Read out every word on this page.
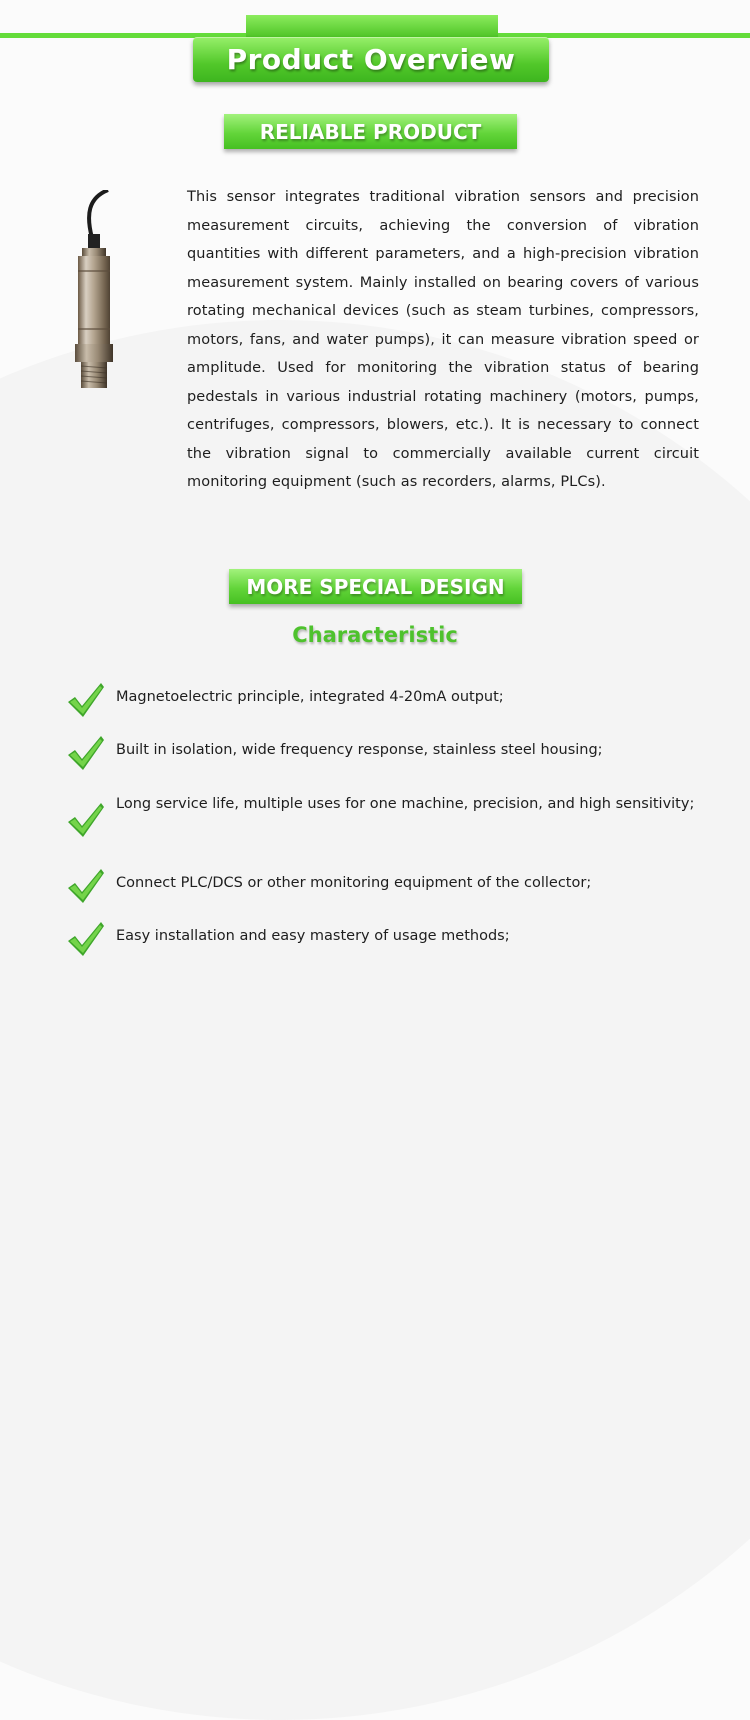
Product Overview
RELIABLE PRODUCT

This sensor integrates traditional vibration sensors and precision measurement circuits, achieving the conversion of vibration quantities with different parameters, and a high-precision vibration measurement system. Mainly installed on bearing covers of various rotating mechanical devices (such as steam turbines, compressors, motors, fans, and water pumps), it can measure vibration speed or amplitude. Used for monitoring the vibration status of bearing pedestals in various industrial rotating machinery (motors, pumps, centrifuges, compressors, blowers, etc.). It is necessary to connect the vibration signal to commercially available current circuit monitoring equipment (such as recorders, alarms, PLCs).

MORE SPECIAL DESIGN
Characteristic
Magnetoelectric principle, integrated 4-20mA output;
Built in isolation, wide frequency response, stainless steel housing;
Long service life, multiple uses for one machine, precision, and high sensitivity;
Connect PLC/DCS or other monitoring equipment of the collector;
Easy installation and easy mastery of usage methods;
